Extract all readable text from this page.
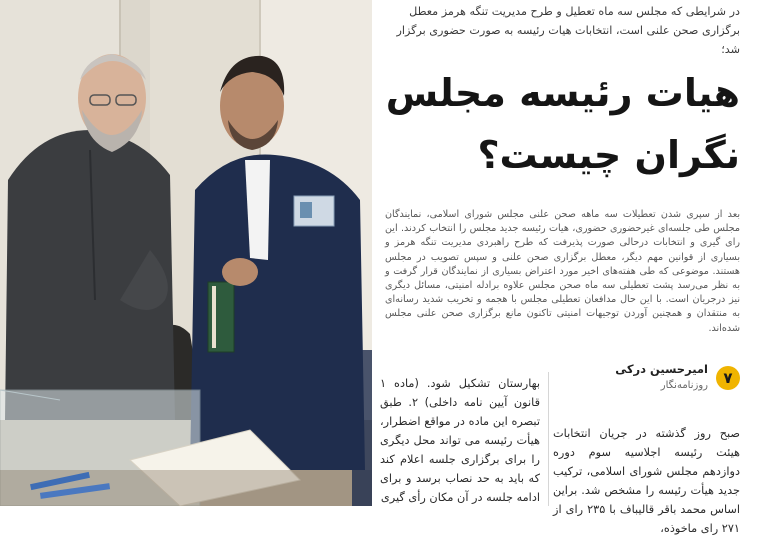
در شرایطی که مجلس سه ماه تعطیل و طرح مدیریت تنگه هرمز معطل برگزاری صحن علنی است، انتخابات هیات رئیسه به صورت حضوری برگزار شد؛
هیات رئیسه مجلس نگران چیست؟
بعد از سپری شدن تعطیلات سه ماهه صحن علنی مجلس شورای اسلامی، نمایندگان مجلس طی جلسه‌ای غیرحضوری حضوری، هیات رئیسه جدید مجلس را انتخاب کردند. این رای گیری و انتخابات درحالی صورت پذیرفت که طرح راهبردی مدیریت تنگه هرمز و بسیاری از قوانین مهم دیگر، معطل برگزاری صحن علنی و سپس تصویب در مجلس هستند. موضوعی که طی هفته‌های اخیر مورد اعتراض بسیاری از نمایندگان قرار گرفت و به نظر می‌رسد پشت تعطیلی سه ماه صحن مجلس علاوه برادله امنیتی، مسائل دیگری نیز درجریان است. با این حال مدافعان تعطیلی مجلس با هجمه و تخریب شدید رسانه‌ای به منتقدان و همچنین آوردن توجیهات امنیتی تاکنون مانع برگزاری صحن علنی مجلس شده‌اند.
۷
امیرحسین درکی
روزنامه‌نگار
صبح روز گذشته در جریان انتخابات هیئت رئیسه اجلاسیه سوم دوره دوازدهم مجلس شورای اسلامی، ترکیب جدید هیأت رئیسه را مشخص شد. براین اساس محمد باقر قالیباف با ۲۳۵ رای از ۲۷۱ رای ماخوذه،
بهارستان تشکیل شود. (ماده ۱ قانون آیین نامه داخلی) ۲. طبق تبصره این ماده در مواقع اضطرار، هیأت رئیسه می تواند محل دیگری را برای برگزاری جلسه اعلام کند که باید به حد نصاب برسد و برای ادامه جلسه در آن مکان رأی گیری
